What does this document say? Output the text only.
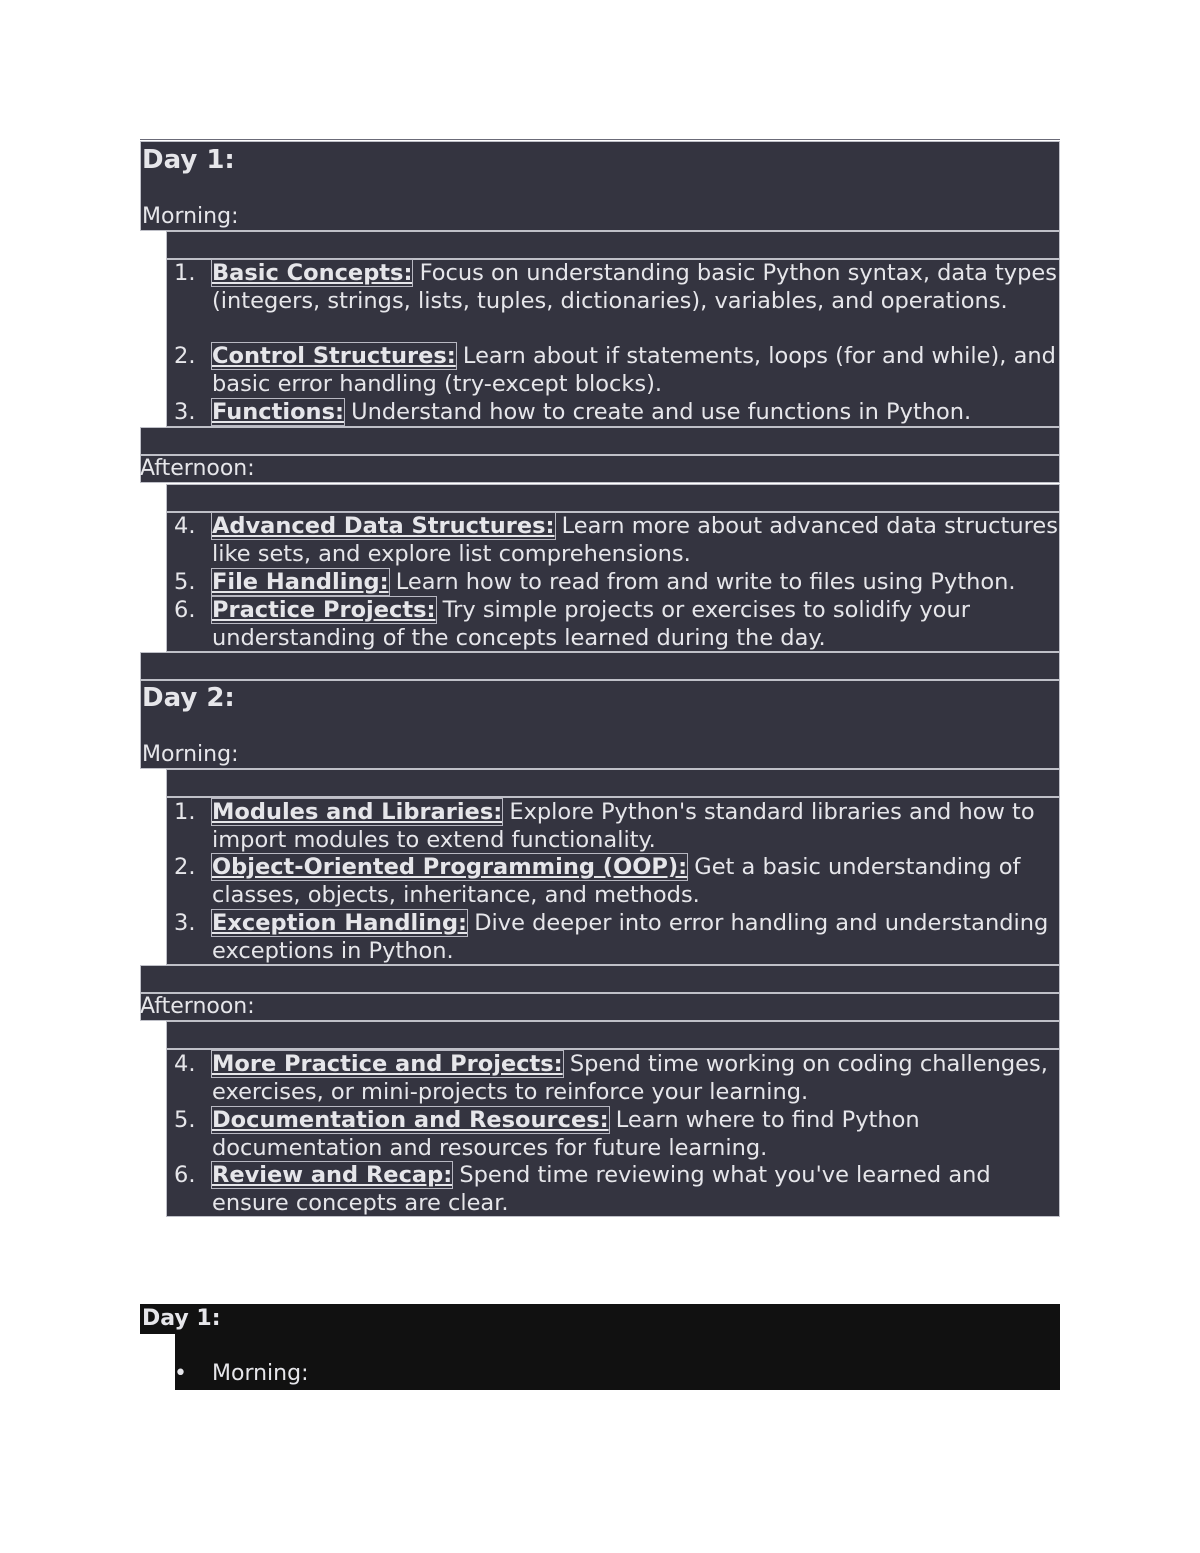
Day 1:
Morning:
1. Basic Concepts: Focus on understanding basic Python syntax, data types (integers, strings, lists, tuples, dictionaries), variables, and operations.
2. Control Structures: Learn about if statements, loops (for and while), and basic error handling (try-except blocks).
3. Functions: Understand how to create and use functions in Python.
Afternoon:
4. Advanced Data Structures: Learn more about advanced data structures like sets, and explore list comprehensions.
5. File Handling: Learn how to read from and write to files using Python.
6. Practice Projects: Try simple projects or exercises to solidify your understanding of the concepts learned during the day.
Day 2:
Morning:
1. Modules and Libraries: Explore Python's standard libraries and how to import modules to extend functionality.
2. Object-Oriented Programming (OOP): Get a basic understanding of classes, objects, inheritance, and methods.
3. Exception Handling: Dive deeper into error handling and understanding exceptions in Python.
Afternoon:
4. More Practice and Projects: Spend time working on coding challenges, exercises, or mini-projects to reinforce your learning.
5. Documentation and Resources: Learn where to find Python documentation and resources for future learning.
6. Review and Recap: Spend time reviewing what you've learned and ensure concepts are clear.
Day 1:
• Morning:
